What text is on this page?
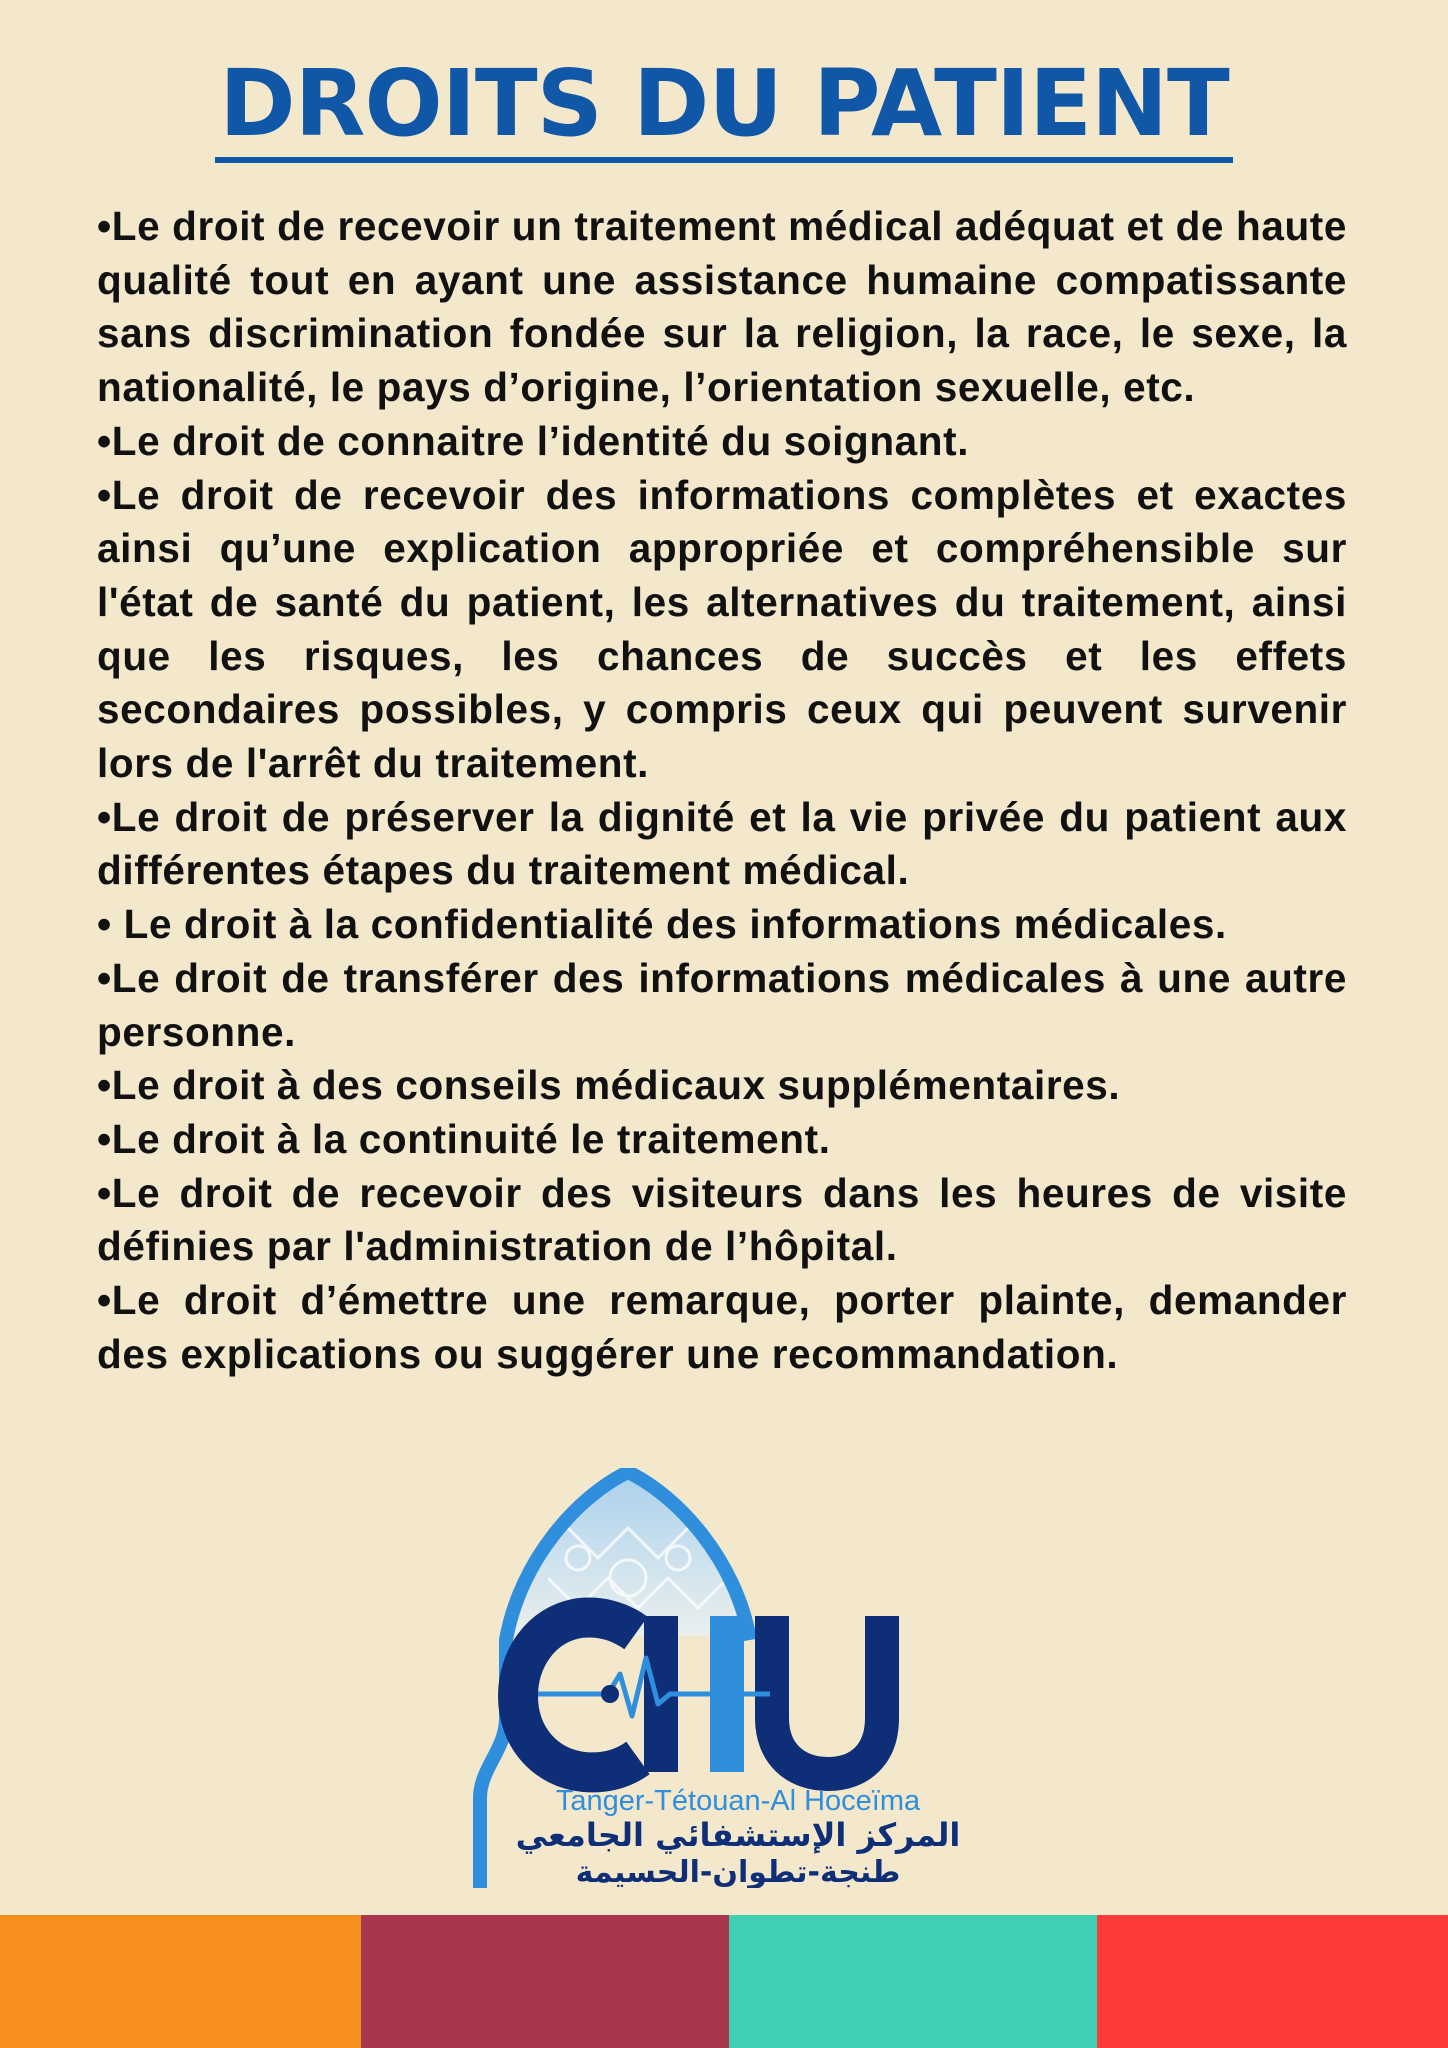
DROITS DU PATIENT
•Le droit de recevoir un traitement médical adéquat et de haute qualité tout en ayant une assistance humaine compatissante sans discrimination fondée sur la religion, la race, le sexe, la nationalité, le pays d’origine, l’orientation sexuelle, etc.
•Le droit de connaitre l’identité du soignant.
•Le droit de recevoir des informations complètes et exactes ainsi qu’une explication appropriée et compréhensible sur l'état de santé du patient, les alternatives du traitement, ainsi que les risques, les chances de succès et les effets secondaires possibles, y compris ceux qui peuvent survenir lors de l'arrêt du traitement.
•Le droit de préserver la dignité et la vie privée du patient aux différentes étapes du traitement médical.
• Le droit à la confidentialité des informations médicales.
•Le droit de transférer des informations médicales à une autre personne.
•Le droit à des conseils médicaux supplémentaires.
•Le droit à la continuité le traitement.
•Le droit de recevoir des visiteurs dans les heures de visite définies par l'administration de l’hôpital.
•Le droit d’émettre une remarque, porter plainte, demander des explications ou suggérer une recommandation.
Tanger-Tétouan-Al Hoceïma
المركز الإستشفائي الجامعي
طنجة-تطوان-الحسيمة
